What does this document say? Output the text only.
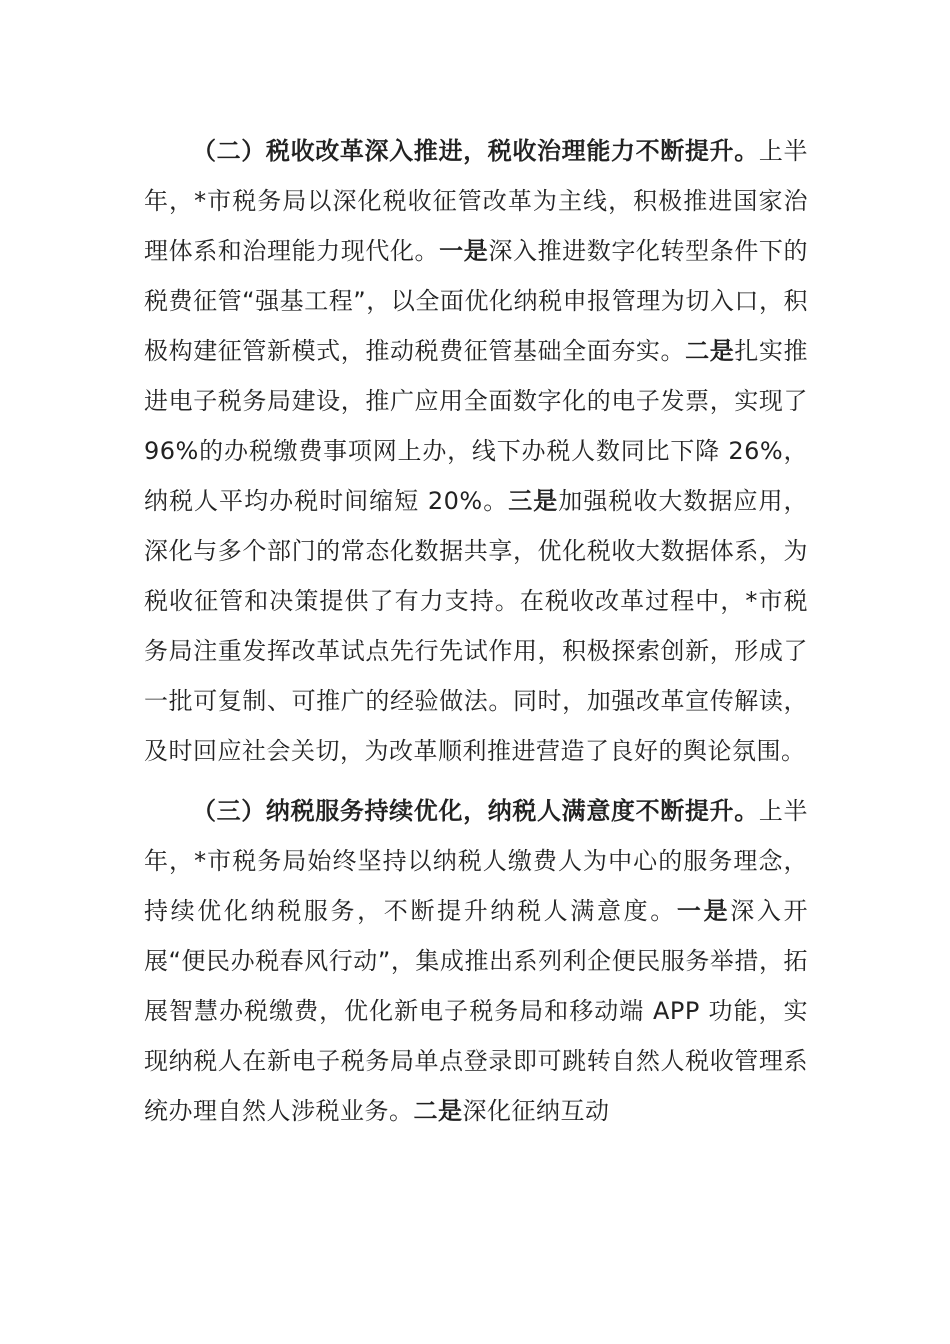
（二）税收改革深入推进，税收治理能力不断提升。上半年，*市税务局以深化税收征管改革为主线，积极推进国家治理体系和治理能力现代化。一是深入推进数字化转型条件下的税费征管“强基工程”，以全面优化纳税申报管理为切入口，积极构建征管新模式，推动税费征管基础全面夯实。二是扎实推进电子税务局建设，推广应用全面数字化的电子发票，实现了 96%的办税缴费事项网上办，线下办税人数同比下降 26%，纳税人平均办税时间缩短 20%。三是加强税收大数据应用，深化与多个部门的常态化数据共享，优化税收大数据体系，为税收征管和决策提供了有力支持。在税收改革过程中，*市税务局注重发挥改革试点先行先试作用，积极探索创新，形成了一批可复制、可推广的经验做法。同时，加强改革宣传解读，及时回应社会关切，为改革顺利推进营造了良好的舆论氛围。

（三）纳税服务持续优化，纳税人满意度不断提升。上半年，*市税务局始终坚持以纳税人缴费人为中心的服务理念，持续优化纳税服务，不断提升纳税人满意度。一是深入开展“便民办税春风行动”，集成推出系列利企便民服务举措，拓展智慧办税缴费，优化新电子税务局和移动端 APP 功能，实现纳税人在新电子税务局单点登录即可跳转自然人税收管理系统办理自然人涉税业务。二是深化征纳互动
